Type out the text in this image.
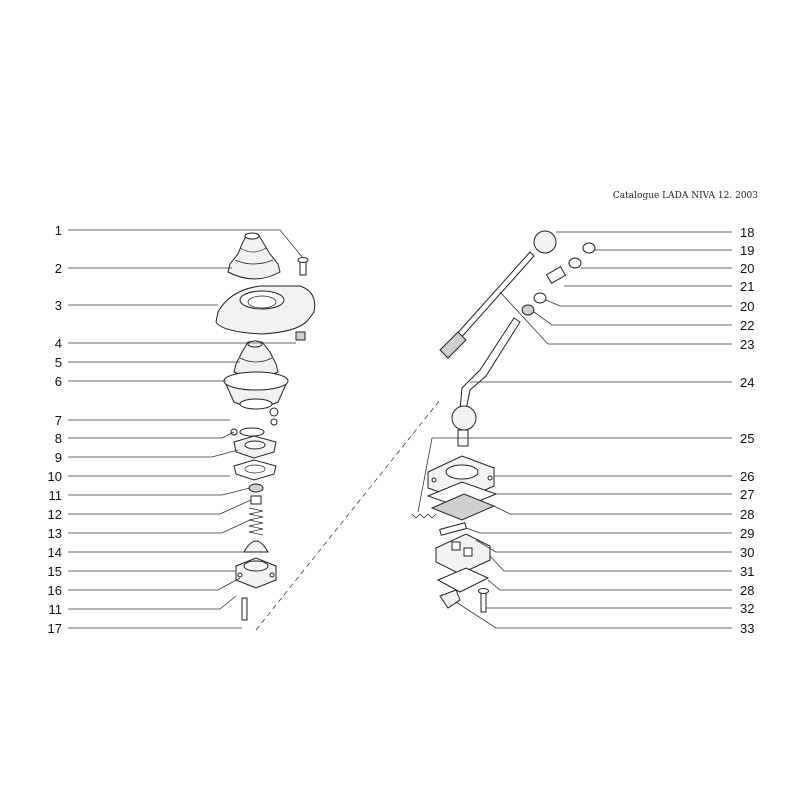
Catalogue LADA NIVA 12. 2003
1
2
3
4
5
6
7
8
9
10
11
12
13
14
15
16
11
17
18
19
20
21
20
22
23
24
25
26
27
28
29
30
31
28
32
33
